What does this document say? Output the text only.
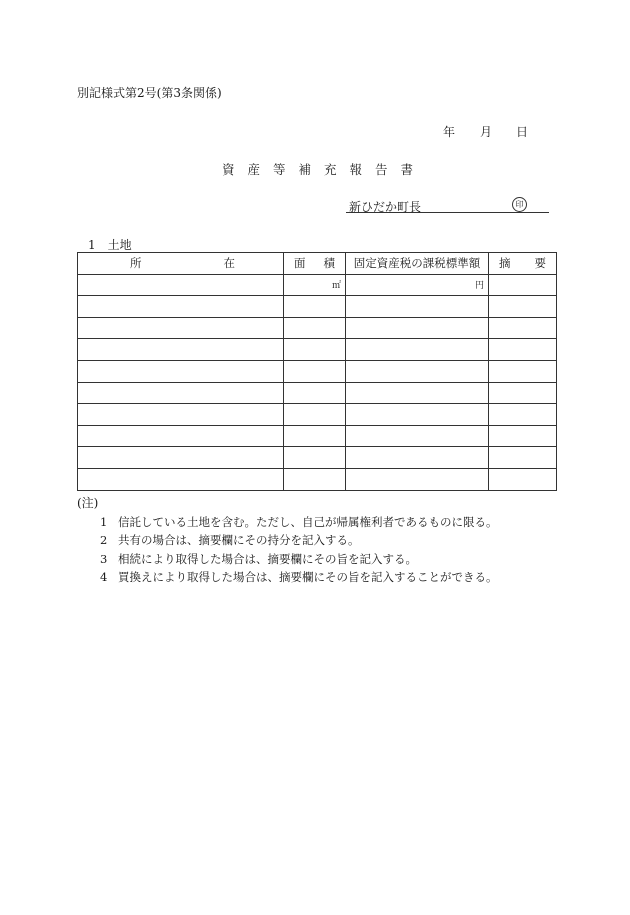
別記様式第2号(第3条関係)
年 月 日
資産等補充報告書
新ひだか町長	印
1 土地
所 在	面 積	固定資産税の課税標準額	摘 要

	㎡	円	

(注)
1 信託している土地を含む。ただし、自己が帰属権利者であるものに限る。
2 共有の場合は、摘要欄にその持分を記入する。
3 相続により取得した場合は、摘要欄にその旨を記入する。
4 買換えにより取得した場合は、摘要欄にその旨を記入することができる。
